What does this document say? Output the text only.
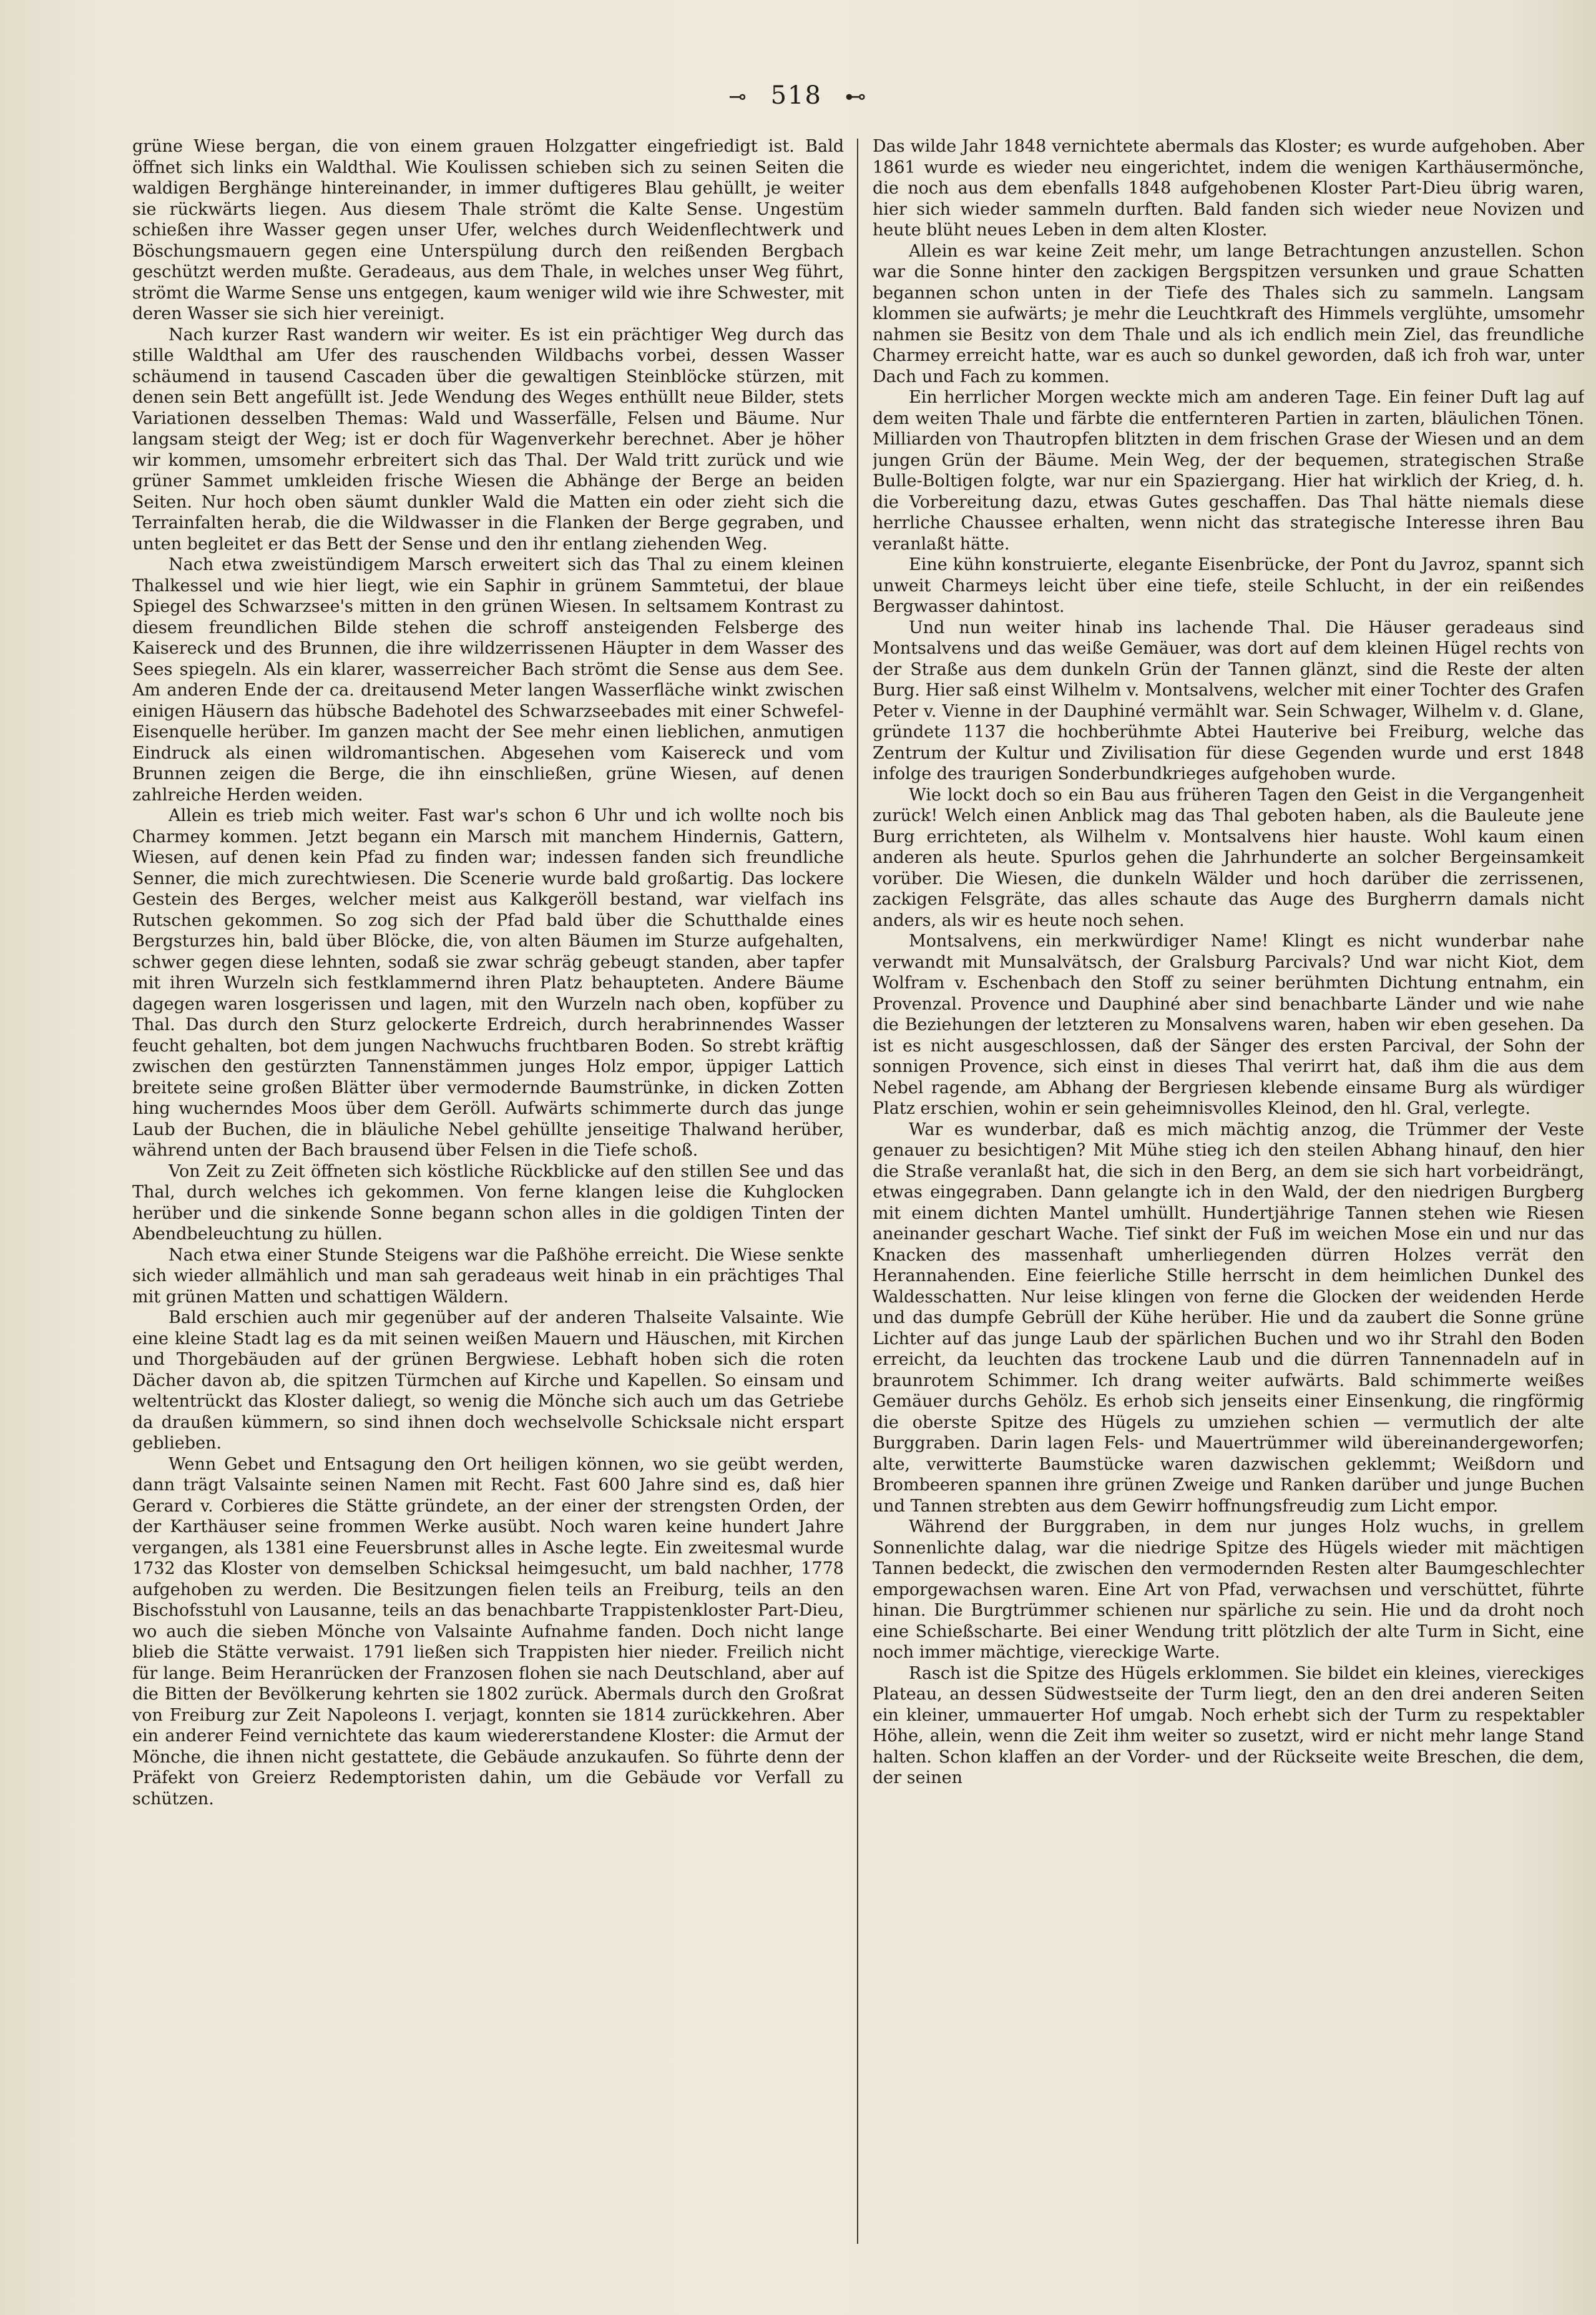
⊸ 518 ⊷

grüne Wiese bergan, die von einem grauen Holzgatter eingefriedigt ist. Bald öffnet sich links ein Waldthal. Wie Koulissen schieben sich zu seinen Seiten die waldigen Berghänge hintereinander, in immer duftigeres Blau gehüllt, je weiter sie rückwärts liegen. Aus diesem Thale strömt die Kalte Sense. Ungestüm schießen ihre Wasser gegen unser Ufer, welches durch Weidenflechtwerk und Böschungsmauern gegen eine Unterspülung durch den reißenden Bergbach geschützt werden mußte. Geradeaus, aus dem Thale, in welches unser Weg führt, strömt die Warme Sense uns entgegen, kaum weniger wild wie ihre Schwester, mit deren Wasser sie sich hier vereinigt.

Nach kurzer Rast wandern wir weiter. Es ist ein prächtiger Weg durch das stille Waldthal am Ufer des rauschenden Wildbachs vorbei, dessen Wasser schäumend in tausend Cascaden über die gewaltigen Steinblöcke stürzen, mit denen sein Bett angefüllt ist. Jede Wendung des Weges enthüllt neue Bilder, stets Variationen desselben Themas: Wald und Wasserfälle, Felsen und Bäume. Nur langsam steigt der Weg; ist er doch für Wagenverkehr berechnet. Aber je höher wir kommen, umsomehr erbreitert sich das Thal. Der Wald tritt zurück und wie grüner Sammet umkleiden frische Wiesen die Abhänge der Berge an beiden Seiten. Nur hoch oben säumt dunkler Wald die Matten ein oder zieht sich die Terrainfalten herab, die die Wildwasser in die Flanken der Berge gegraben, und unten begleitet er das Bett der Sense und den ihr entlang ziehenden Weg.

Nach etwa zweistündigem Marsch erweitert sich das Thal zu einem kleinen Thalkessel und wie hier liegt, wie ein Saphir in grünem Sammtetui, der blaue Spiegel des Schwarzsee's mitten in den grünen Wiesen. In seltsamem Kontrast zu diesem freundlichen Bilde stehen die schroff ansteigenden Felsberge des Kaisereck und des Brunnen, die ihre wildzerrissenen Häupter in dem Wasser des Sees spiegeln. Als ein klarer, wasserreicher Bach strömt die Sense aus dem See. Am anderen Ende der ca. dreitausend Meter langen Wasserfläche winkt zwischen einigen Häusern das hübsche Badehotel des Schwarzseebades mit einer Schwefel-Eisenquelle herüber. Im ganzen macht der See mehr einen lieblichen, anmutigen Eindruck als einen wildromantischen. Abgesehen vom Kaisereck und vom Brunnen zeigen die Berge, die ihn einschließen, grüne Wiesen, auf denen zahlreiche Herden weiden.

Allein es trieb mich weiter. Fast war's schon 6 Uhr und ich wollte noch bis Charmey kommen. Jetzt begann ein Marsch mit manchem Hindernis, Gattern, Wiesen, auf denen kein Pfad zu finden war; indessen fanden sich freundliche Senner, die mich zurechtwiesen. Die Scenerie wurde bald großartig. Das lockere Gestein des Berges, welcher meist aus Kalkgeröll bestand, war vielfach ins Rutschen gekommen. So zog sich der Pfad bald über die Schutthalde eines Bergsturzes hin, bald über Blöcke, die, von alten Bäumen im Sturze aufgehalten, schwer gegen diese lehnten, sodaß sie zwar schräg gebeugt standen, aber tapfer mit ihren Wurzeln sich festklammernd ihren Platz behaupteten. Andere Bäume dagegen waren losgerissen und lagen, mit den Wurzeln nach oben, kopfüber zu Thal. Das durch den Sturz gelockerte Erdreich, durch herabrinnendes Wasser feucht gehalten, bot dem jungen Nachwuchs fruchtbaren Boden. So strebt kräftig zwischen den gestürzten Tannenstämmen junges Holz empor, üppiger Lattich breitete seine großen Blätter über vermodernde Baumstrünke, in dicken Zotten hing wucherndes Moos über dem Geröll. Aufwärts schimmerte durch das junge Laub der Buchen, die in bläuliche Nebel gehüllte jenseitige Thalwand herüber, während unten der Bach brausend über Felsen in die Tiefe schoß.

Von Zeit zu Zeit öffneten sich köstliche Rückblicke auf den stillen See und das Thal, durch welches ich gekommen. Von ferne klangen leise die Kuhglocken herüber und die sinkende Sonne begann schon alles in die goldigen Tinten der Abendbeleuchtung zu hüllen.

Nach etwa einer Stunde Steigens war die Paßhöhe erreicht. Die Wiese senkte sich wieder allmählich und man sah geradeaus weit hinab in ein prächtiges Thal mit grünen Matten und schattigen Wäldern.

Bald erschien auch mir gegenüber auf der anderen Thalseite Valsainte. Wie eine kleine Stadt lag es da mit seinen weißen Mauern und Häuschen, mit Kirchen und Thorgebäuden auf der grünen Bergwiese. Lebhaft hoben sich die roten Dächer davon ab, die spitzen Türmchen auf Kirche und Kapellen. So einsam und weltentrückt das Kloster daliegt, so wenig die Mönche sich auch um das Getriebe da draußen kümmern, so sind ihnen doch wechselvolle Schicksale nicht erspart geblieben.

Wenn Gebet und Entsagung den Ort heiligen können, wo sie geübt werden, dann trägt Valsainte seinen Namen mit Recht. Fast 600 Jahre sind es, daß hier Gerard v. Corbieres die Stätte gründete, an der einer der strengsten Orden, der der Karthäuser seine frommen Werke ausübt. Noch waren keine hundert Jahre vergangen, als 1381 eine Feuersbrunst alles in Asche legte. Ein zweitesmal wurde 1732 das Kloster von demselben Schicksal heimgesucht, um bald nachher, 1778 aufgehoben zu werden. Die Besitzungen fielen teils an Freiburg, teils an den Bischofsstuhl von Lausanne, teils an das benachbarte Trappistenkloster Part-Dieu, wo auch die sieben Mönche von Valsainte Aufnahme fanden. Doch nicht lange blieb die Stätte verwaist. 1791 ließen sich Trappisten hier nieder. Freilich nicht für lange. Beim Heranrücken der Franzosen flohen sie nach Deutschland, aber auf die Bitten der Bevölkerung kehrten sie 1802 zurück. Abermals durch den Großrat von Freiburg zur Zeit Napoleons I. verjagt, konnten sie 1814 zurückkehren. Aber ein anderer Feind vernichtete das kaum wiedererstandene Kloster: die Armut der Mönche, die ihnen nicht gestattete, die Gebäude anzukaufen. So führte denn der Präfekt von Greierz Redemptoristen dahin, um die Gebäude vor Verfall zu schützen.

Das wilde Jahr 1848 vernichtete abermals das Kloster; es wurde aufgehoben. Aber 1861 wurde es wieder neu eingerichtet, indem die wenigen Karthäusermönche, die noch aus dem ebenfalls 1848 aufgehobenen Kloster Part-Dieu übrig waren, hier sich wieder sammeln durften. Bald fanden sich wieder neue Novizen und heute blüht neues Leben in dem alten Kloster.

Allein es war keine Zeit mehr, um lange Betrachtungen anzustellen. Schon war die Sonne hinter den zackigen Bergspitzen versunken und graue Schatten begannen schon unten in der Tiefe des Thales sich zu sammeln. Langsam klommen sie aufwärts; je mehr die Leuchtkraft des Himmels verglühte, umsomehr nahmen sie Besitz von dem Thale und als ich endlich mein Ziel, das freundliche Charmey erreicht hatte, war es auch so dunkel geworden, daß ich froh war, unter Dach und Fach zu kommen.

Ein herrlicher Morgen weckte mich am anderen Tage. Ein feiner Duft lag auf dem weiten Thale und färbte die entfernteren Partien in zarten, bläulichen Tönen. Milliarden von Thautropfen blitzten in dem frischen Grase der Wiesen und an dem jungen Grün der Bäume. Mein Weg, der der bequemen, strategischen Straße Bulle-Boltigen folgte, war nur ein Spaziergang. Hier hat wirklich der Krieg, d. h. die Vorbereitung dazu, etwas Gutes geschaffen. Das Thal hätte niemals diese herrliche Chaussee erhalten, wenn nicht das strategische Interesse ihren Bau veranlaßt hätte.

Eine kühn konstruierte, elegante Eisenbrücke, der Pont du Javroz, spannt sich unweit Charmeys leicht über eine tiefe, steile Schlucht, in der ein reißendes Bergwasser dahintost.

Und nun weiter hinab ins lachende Thal. Die Häuser geradeaus sind Montsalvens und das weiße Gemäuer, was dort auf dem kleinen Hügel rechts von der Straße aus dem dunkeln Grün der Tannen glänzt, sind die Reste der alten Burg. Hier saß einst Wilhelm v. Montsalvens, welcher mit einer Tochter des Grafen Peter v. Vienne in der Dauphiné vermählt war. Sein Schwager, Wilhelm v. d. Glane, gründete 1137 die hochberühmte Abtei Hauterive bei Freiburg, welche das Zentrum der Kultur und Zivilisation für diese Gegenden wurde und erst 1848 infolge des traurigen Sonderbundkrieges aufgehoben wurde.

Wie lockt doch so ein Bau aus früheren Tagen den Geist in die Vergangenheit zurück! Welch einen Anblick mag das Thal geboten haben, als die Bauleute jene Burg errichteten, als Wilhelm v. Montsalvens hier hauste. Wohl kaum einen anderen als heute. Spurlos gehen die Jahrhunderte an solcher Bergeinsamkeit vorüber. Die Wiesen, die dunkeln Wälder und hoch darüber die zerrissenen, zackigen Felsgräte, das alles schaute das Auge des Burgherrn damals nicht anders, als wir es heute noch sehen.

Montsalvens, ein merkwürdiger Name! Klingt es nicht wunderbar nahe verwandt mit Munsalvätsch, der Gralsburg Parcivals? Und war nicht Kiot, dem Wolfram v. Eschenbach den Stoff zu seiner berühmten Dichtung entnahm, ein Provenzal. Provence und Dauphiné aber sind benachbarte Länder und wie nahe die Beziehungen der letzteren zu Monsalvens waren, haben wir eben gesehen. Da ist es nicht ausgeschlossen, daß der Sänger des ersten Parcival, der Sohn der sonnigen Provence, sich einst in dieses Thal verirrt hat, daß ihm die aus dem Nebel ragende, am Abhang der Bergriesen klebende einsame Burg als würdiger Platz erschien, wohin er sein geheimnisvolles Kleinod, den hl. Gral, verlegte.

War es wunderbar, daß es mich mächtig anzog, die Trümmer der Veste genauer zu besichtigen? Mit Mühe stieg ich den steilen Abhang hinauf, den hier die Straße veranlaßt hat, die sich in den Berg, an dem sie sich hart vorbeidrängt, etwas eingegraben. Dann gelangte ich in den Wald, der den niedrigen Burgberg mit einem dichten Mantel umhüllt. Hundertjährige Tannen stehen wie Riesen aneinander geschart Wache. Tief sinkt der Fuß im weichen Mose ein und nur das Knacken des massenhaft umherliegenden dürren Holzes verrät den Herannahenden. Eine feierliche Stille herrscht in dem heimlichen Dunkel des Waldesschatten. Nur leise klingen von ferne die Glocken der weidenden Herde und das dumpfe Gebrüll der Kühe herüber. Hie und da zaubert die Sonne grüne Lichter auf das junge Laub der spärlichen Buchen und wo ihr Strahl den Boden erreicht, da leuchten das trockene Laub und die dürren Tannennadeln auf in braunrotem Schimmer. Ich drang weiter aufwärts. Bald schimmerte weißes Gemäuer durchs Gehölz. Es erhob sich jenseits einer Einsenkung, die ringförmig die oberste Spitze des Hügels zu umziehen schien — vermutlich der alte Burggraben. Darin lagen Fels- und Mauertrümmer wild übereinandergeworfen; alte, verwitterte Baumstücke waren dazwischen geklemmt; Weißdorn und Brombeeren spannen ihre grünen Zweige und Ranken darüber und junge Buchen und Tannen strebten aus dem Gewirr hoffnungsfreudig zum Licht empor.

Während der Burggraben, in dem nur junges Holz wuchs, in grellem Sonnenlichte dalag, war die niedrige Spitze des Hügels wieder mit mächtigen Tannen bedeckt, die zwischen den vermodernden Resten alter Baumgeschlechter emporgewachsen waren. Eine Art von Pfad, verwachsen und verschüttet, führte hinan. Die Burgtrümmer schienen nur spärliche zu sein. Hie und da droht noch eine Schießscharte. Bei einer Wendung tritt plötzlich der alte Turm in Sicht, eine noch immer mächtige, viereckige Warte.

Rasch ist die Spitze des Hügels erklommen. Sie bildet ein kleines, viereckiges Plateau, an dessen Südwestseite der Turm liegt, den an den drei anderen Seiten ein kleiner, ummauerter Hof umgab. Noch erhebt sich der Turm zu respektabler Höhe, allein, wenn die Zeit ihm weiter so zusetzt, wird er nicht mehr lange Stand halten. Schon klaffen an der Vorder- und der Rückseite weite Breschen, die dem, der seinen
